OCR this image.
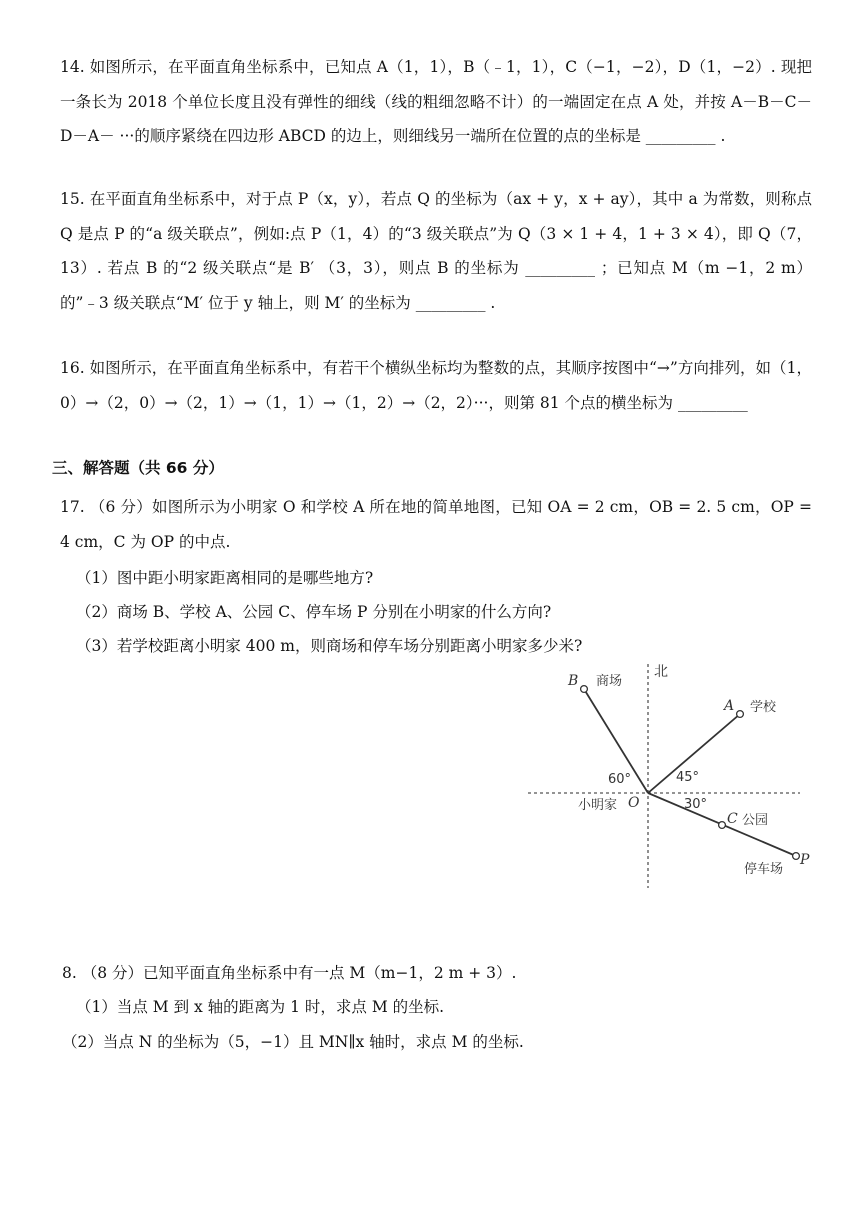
14. 如图所示，在平面直角坐标系中，已知点 A（1，1），B（﹣1，1），C（−1，−2），D（1，−2）. 现把一条长为 2018 个单位长度且没有弹性的细线（线的粗细忽略不计）的一端固定在点 A 处，并按 A－B－C－ D－A－ ···的顺序紧绕在四边形 ABCD 的边上，则细线另一端所在位置的点的坐标是 _________ .

15. 在平面直角坐标系中，对于点 P（x，y），若点 Q 的坐标为（ax + y，x + ay），其中 a 为常数，则称点 Q 是点 P 的“a 级关联点”，例如:点 P（1，4）的“3 级关联点”为 Q（3 × 1 + 4，1 + 3 × 4），即 Q（7，13）. 若点 B 的“2 级关联点“是 B′ （3，3），则点 B 的坐标为 _________ ；已知点 M（m −1，2 m）的”﹣3 级关联点“M′ 位于 y 轴上，则 M′ 的坐标为 _________ .

16. 如图所示，在平面直角坐标系中，有若干个横纵坐标均为整数的点，其顺序按图中“→”方向排列，如（1，0）→（2，0）→（2，1）→（1，1）→（1，2）→（2，2）···，则第 81 个点的横坐标为 _________

三、解答题（共 66 分）

17. （6 分）如图所示为小明家 O 和学校 A 所在地的简单地图，已知 OA = 2 cm，OB = 2. 5 cm，OP = 4 cm，C 为 OP 的中点.

（1）图中距小明家距离相同的是哪些地方?

（2）商场 B、学校 A、公园 C、停车场 P 分别在小明家的什么方向?

（3）若学校距离小明家 400 m，则商场和停车场分别距离小明家多少米?

北
B 商场
A 学校
60°	45°
30°
小明家 O
C 公园
P
停车场

8. （8 分）已知平面直角坐标系中有一点 M（m−1，2 m + 3）.

（1）当点 M 到 x 轴的距离为 1 时，求点 M 的坐标.

（2）当点 N 的坐标为（5，−1）且 MN∥x 轴时，求点 M 的坐标.
